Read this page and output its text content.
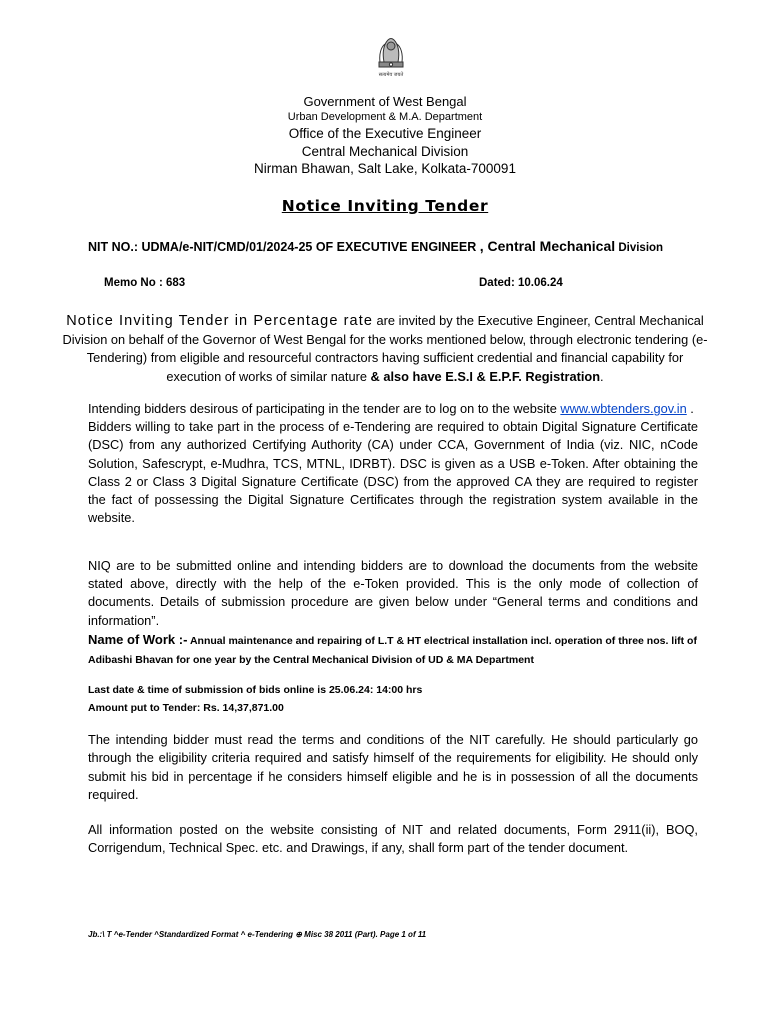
सत्यमेव जयते
Government of West Bengal
Urban Development & M.A. Department
Office of the Executive Engineer
Central Mechanical Division
Nirman Bhawan, Salt Lake, Kolkata-700091
Notice Inviting Tender
NIT NO.: UDMA/e-NIT/CMD/01/2024-25 OF EXECUTIVE ENGINEER , Central Mechanical Division
Memo No : 683	Dated: 10.06.24
Notice Inviting Tender in Percentage rate are invited by the Executive Engineer, Central Mechanical Division on behalf of the Governor of West Bengal for the works mentioned below, through electronic tendering (e-Tendering) from eligible and resourceful contractors having sufficient credential and financial capability for execution of works of similar nature & also have E.S.I & E.P.F. Registration.
Intending bidders desirous of participating in the tender are to log on to the website www.wbtenders.gov.in .
Bidders willing to take part in the process of e-Tendering are required to obtain Digital Signature Certificate (DSC) from any authorized Certifying Authority (CA) under CCA, Government of India (viz. NIC, nCode Solution, Safescrypt, e-Mudhra, TCS, MTNL, IDRBT). DSC is given as a USB e-Token. After obtaining the Class 2 or Class 3 Digital Signature Certificate (DSC) from the approved CA they are required to register the fact of possessing the Digital Signature Certificates through the registration system available in the website.
NIQ are to be submitted online and intending bidders are to download the documents from the website stated above, directly with the help of the e-Token provided. This is the only mode of collection of documents. Details of submission procedure are given below under “General terms and conditions and information”.
Name of Work :- Annual maintenance and repairing of L.T & HT electrical installation incl. operation of three nos. lift of Adibashi Bhavan for one year by the Central Mechanical Division of UD & MA Department
Last date & time of submission of bids online is 25.06.24: 14:00 hrs
Amount put to Tender: Rs. 14,37,871.00
The intending bidder must read the terms and conditions of the NIT carefully. He should particularly go through the eligibility criteria required and satisfy himself of the requirements for eligibility. He should only submit his bid in percentage if he considers himself eligible and he is in possession of all the documents required.
All information posted on the website consisting of NIT and related documents, Form 2911(ii), BOQ, Corrigendum, Technical Spec. etc. and Drawings, if any, shall form part of the tender document.
Jb.:\ T ^e-Tender ^Standardized Format ^ e-Tendering ⊕ Misc 38 2011 (Part). Page 1 of 11
